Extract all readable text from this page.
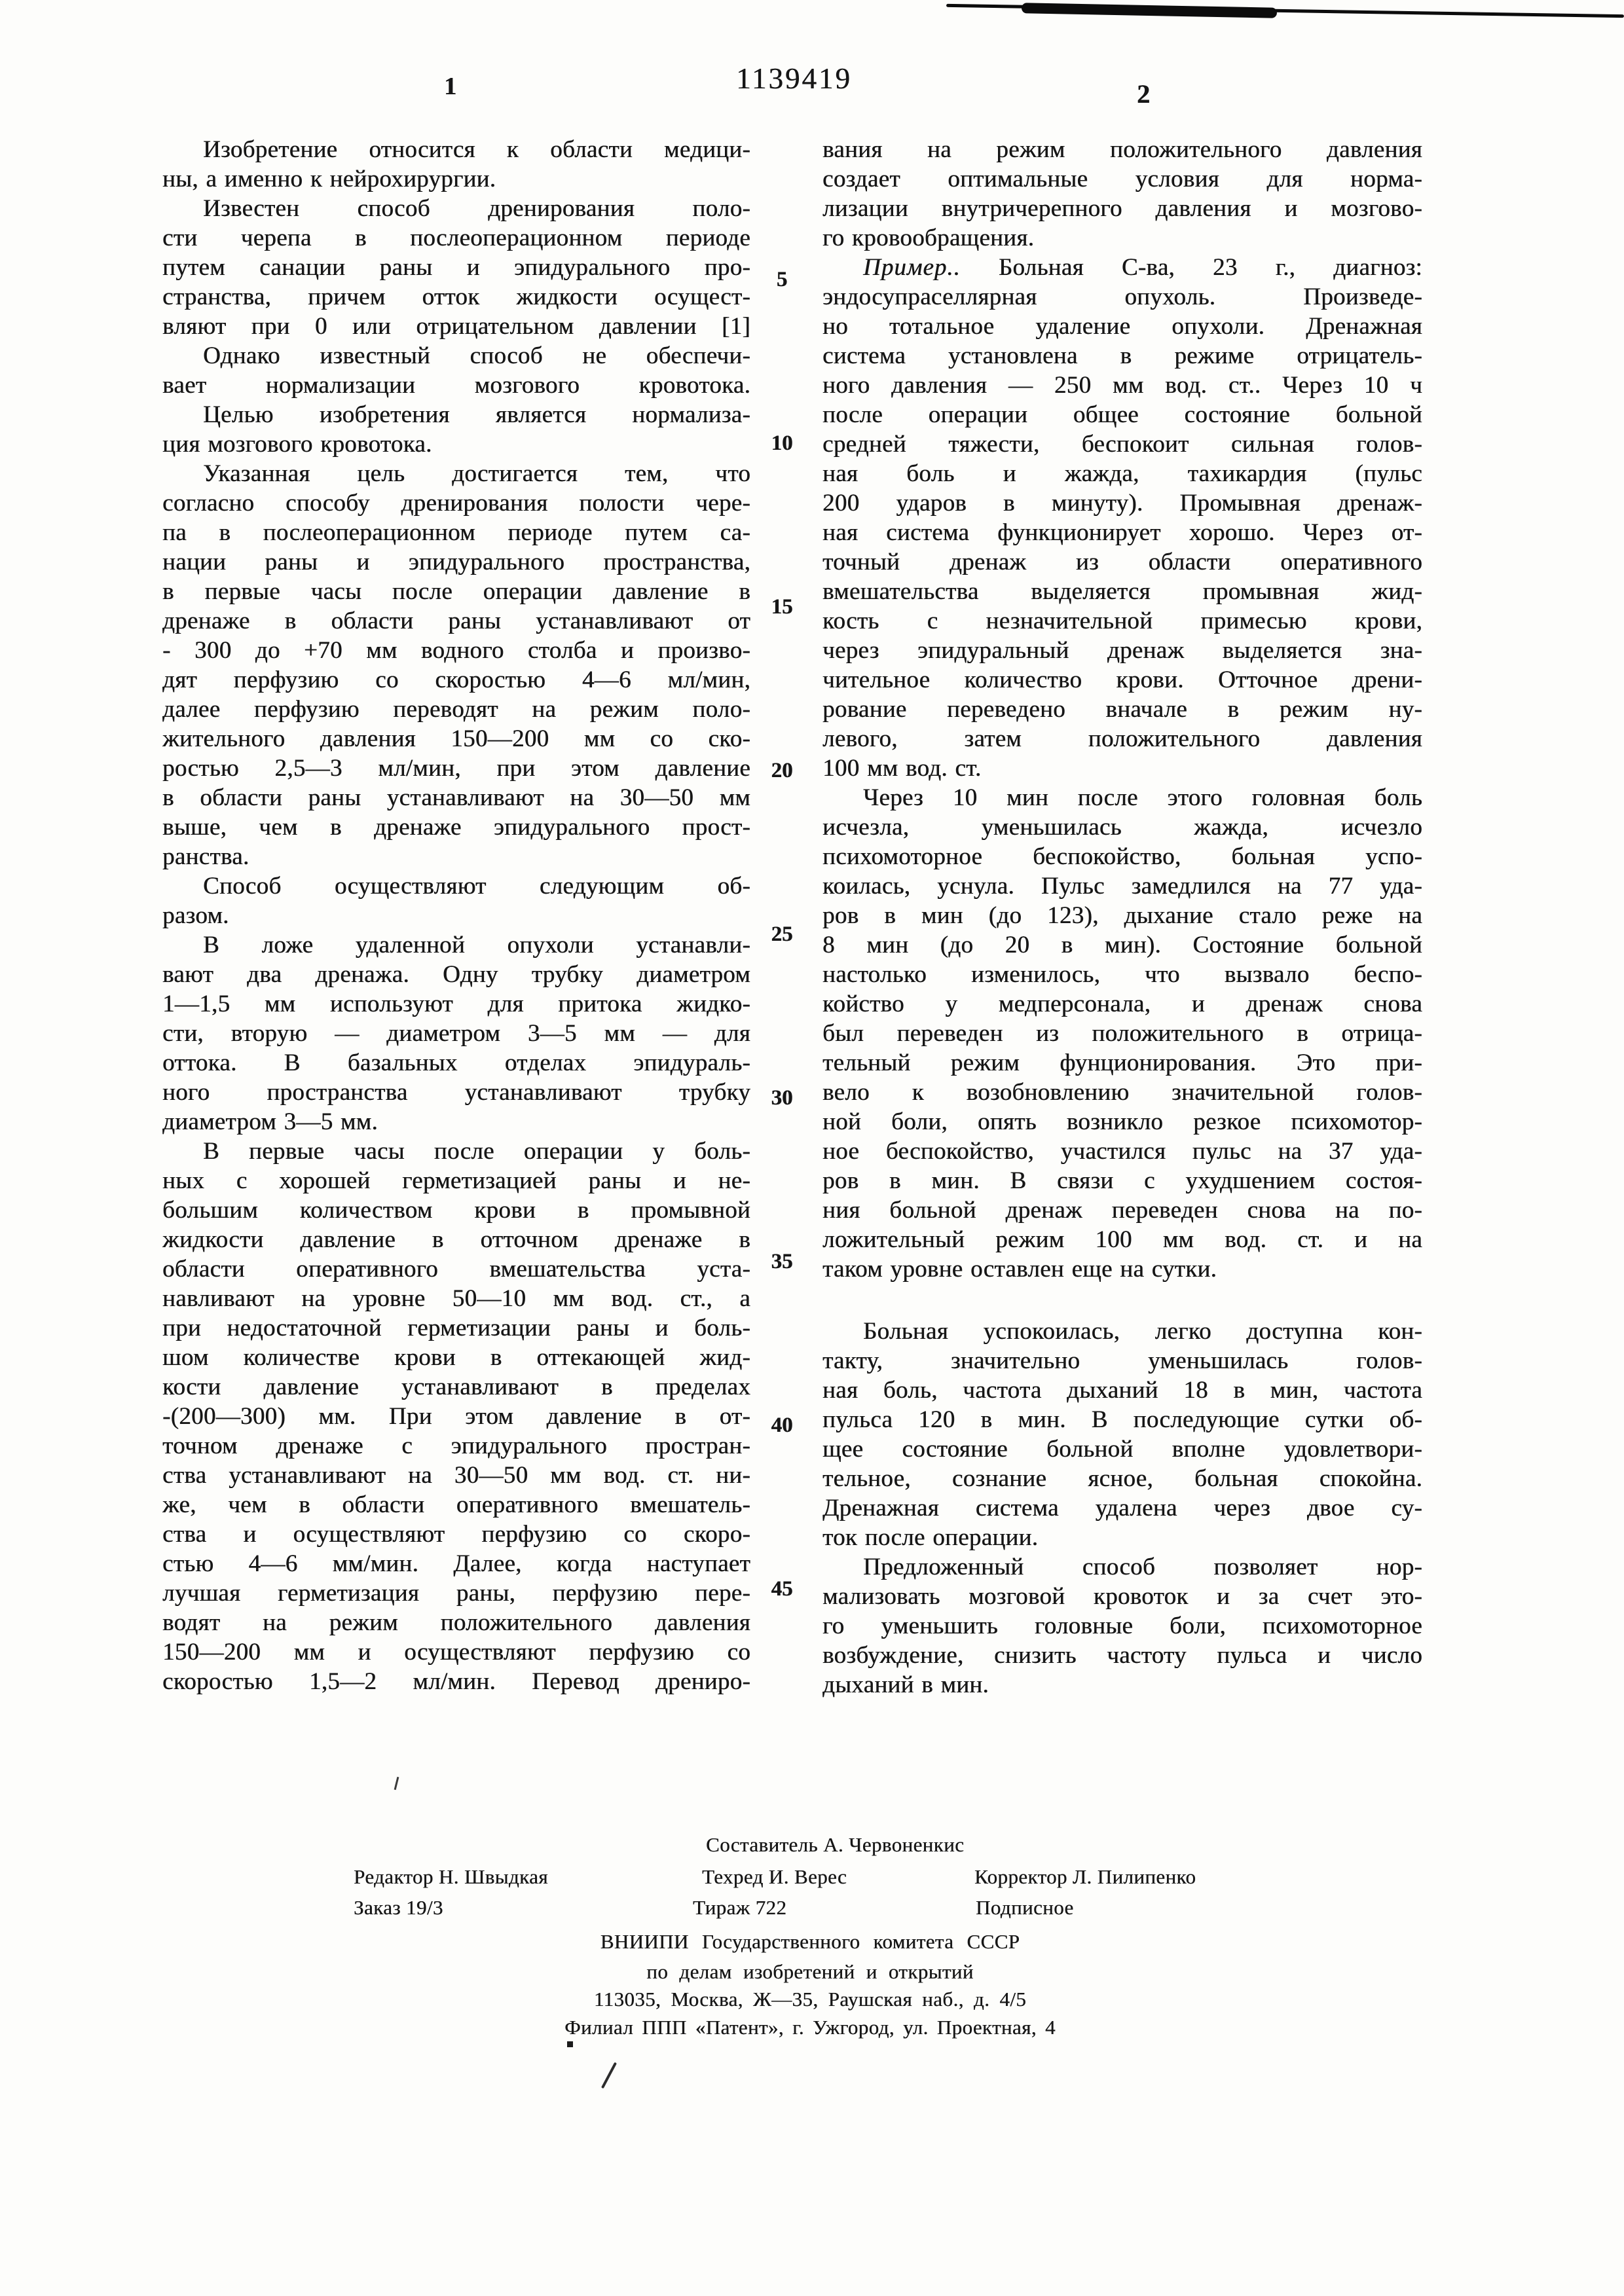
1	1139419	2
5
10
15
20
25
30
35
40
45
Изобретение относится к области медици-
ны, а именно к нейрохирургии.
Известен способ дренирования поло-
сти черепа в послеоперационном периоде
путем санации раны и эпидурального про-
странства, причем отток жидкости осущест-
вляют при 0 или отрицательном давлении [1]
Однако известный способ не обеспечи-
вает нормализации мозгового кровотока.
Целью изобретения является нормализа-
ция мозгового кровотока.
Указанная цель достигается тем, что
согласно способу дренирования полости чере-
па в послеоперационном периоде путем са-
нации раны и эпидурального пространства,
в первые часы после операции давление в
дренаже в области раны устанавливают от
- 300 до +70 мм водного столба и произво-
дят перфузию со скоростью 4—6 мл/мин,
далее перфузию переводят на режим поло-
жительного давления 150—200 мм со ско-
ростью 2,5—3 мл/мин, при этом давление
в области раны устанавливают на 30—50 мм
выше, чем в дренаже эпидурального прост-
ранства.
Способ осуществляют следующим об-
разом.
В ложе удаленной опухоли устанавли-
вают два дренажа. Одну трубку диаметром
1—1,5 мм используют для притока жидко-
сти, вторую — диаметром 3—5 мм — для
оттока. В базальных отделах эпидураль-
ного пространства устанавливают трубку
диаметром 3—5 мм.
В первые часы после операции у боль-
ных с хорошей герметизацией раны и не-
большим количеством крови в промывной
жидкости давление в отточном дренаже в
области оперативного вмешательства уста-
навливают на уровне 50—10 мм вод. ст., а
при недостаточной герметизации раны и боль-
шом количестве крови в оттекающей жид-
кости давление устанавливают в пределах
-(200—300) мм. При этом давление в от-
точном дренаже с эпидурального простран-
ства устанавливают на 30—50 мм вод. ст. ни-
же, чем в области оперативного вмешатель-
ства и осуществляют перфузию со скоро-
стью 4—6 мм/мин. Далее, когда наступает
лучшая герметизация раны, перфузию пере-
водят на режим положительного давления
150—200 мм и осуществляют перфузию со
скоростью 1,5—2 мл/мин. Перевод дрениро-
вания на режим положительного давления
создает оптимальные условия для норма-
лизации внутричерепного давления и мозгово-
го кровообращения.
Пример.. Больная С-ва, 23 г., диагноз:
эндосупраселлярная опухоль. Произведе-
но тотальное удаление опухоли. Дренажная
система установлена в режиме отрицатель-
ного давления — 250 мм вод. ст.. Через 10 ч
после операции общее состояние больной
средней тяжести, беспокоит сильная голов-
ная боль и жажда, тахикардия (пульс
200 ударов в минуту). Промывная дренаж-
ная система функционирует хорошо. Через от-
точный дренаж из области оперативного
вмешательства выделяется промывная жид-
кость с незначительной примесью крови,
через эпидуральный дренаж выделяется зна-
чительное количество крови. Отточное дрени-
рование переведено вначале в режим ну-
левого, затем положительного давления
100 мм вод. ст.
Через 10 мин после этого головная боль
исчезла, уменьшилась жажда, исчезло
психомоторное беспокойство, больная успо-
коилась, уснула. Пульс замедлился на 77 уда-
ров в мин (до 123), дыхание стало реже на
8 мин (до 20 в мин). Состояние больной
настолько изменилось, что вызвало беспо-
койство у медперсонала, и дренаж снова
был переведен из положительного в отрица-
тельный режим фунционирования. Это при-
вело к возобновлению значительной голов-
ной боли, опять возникло резкое психомотор-
ное беспокойство, участился пульс на 37 уда-
ров в мин. В связи с ухудшением состоя-
ния больной дренаж переведен снова на по-
ложительный режим 100 мм вод. ст. и на
таком уровне оставлен еще на сутки.
Больная успокоилась, легко доступна кон-
такту, значительно уменьшилась голов-
ная боль, частота дыханий 18 в мин, частота
пульса 120 в мин. В последующие сутки об-
щее состояние больной вполне удовлетвори-
тельное, сознание ясное, больная спокойна.
Дренажная система удалена через двое су-
ток после операции.
Предложенный способ позволяет нор-
мализовать мозговой кровоток и за счет это-
го уменьшить головные боли, психомоторное
возбуждение, снизить частоту пульса и число
дыханий в мин.
Составитель А. Червоненкис
Редактор Н. Швыдкая	Техред И. Верес	Корректор Л. Пилипенко
Заказ 19/3	Тираж 722	Подписное
ВНИИПИ Государственного комитета СССР
по делам изобретений и открытий
113035, Москва, Ж—35, Раушская наб., д. 4/5
Филиал ППП «Патент», г. Ужгород, ул. Проектная, 4
